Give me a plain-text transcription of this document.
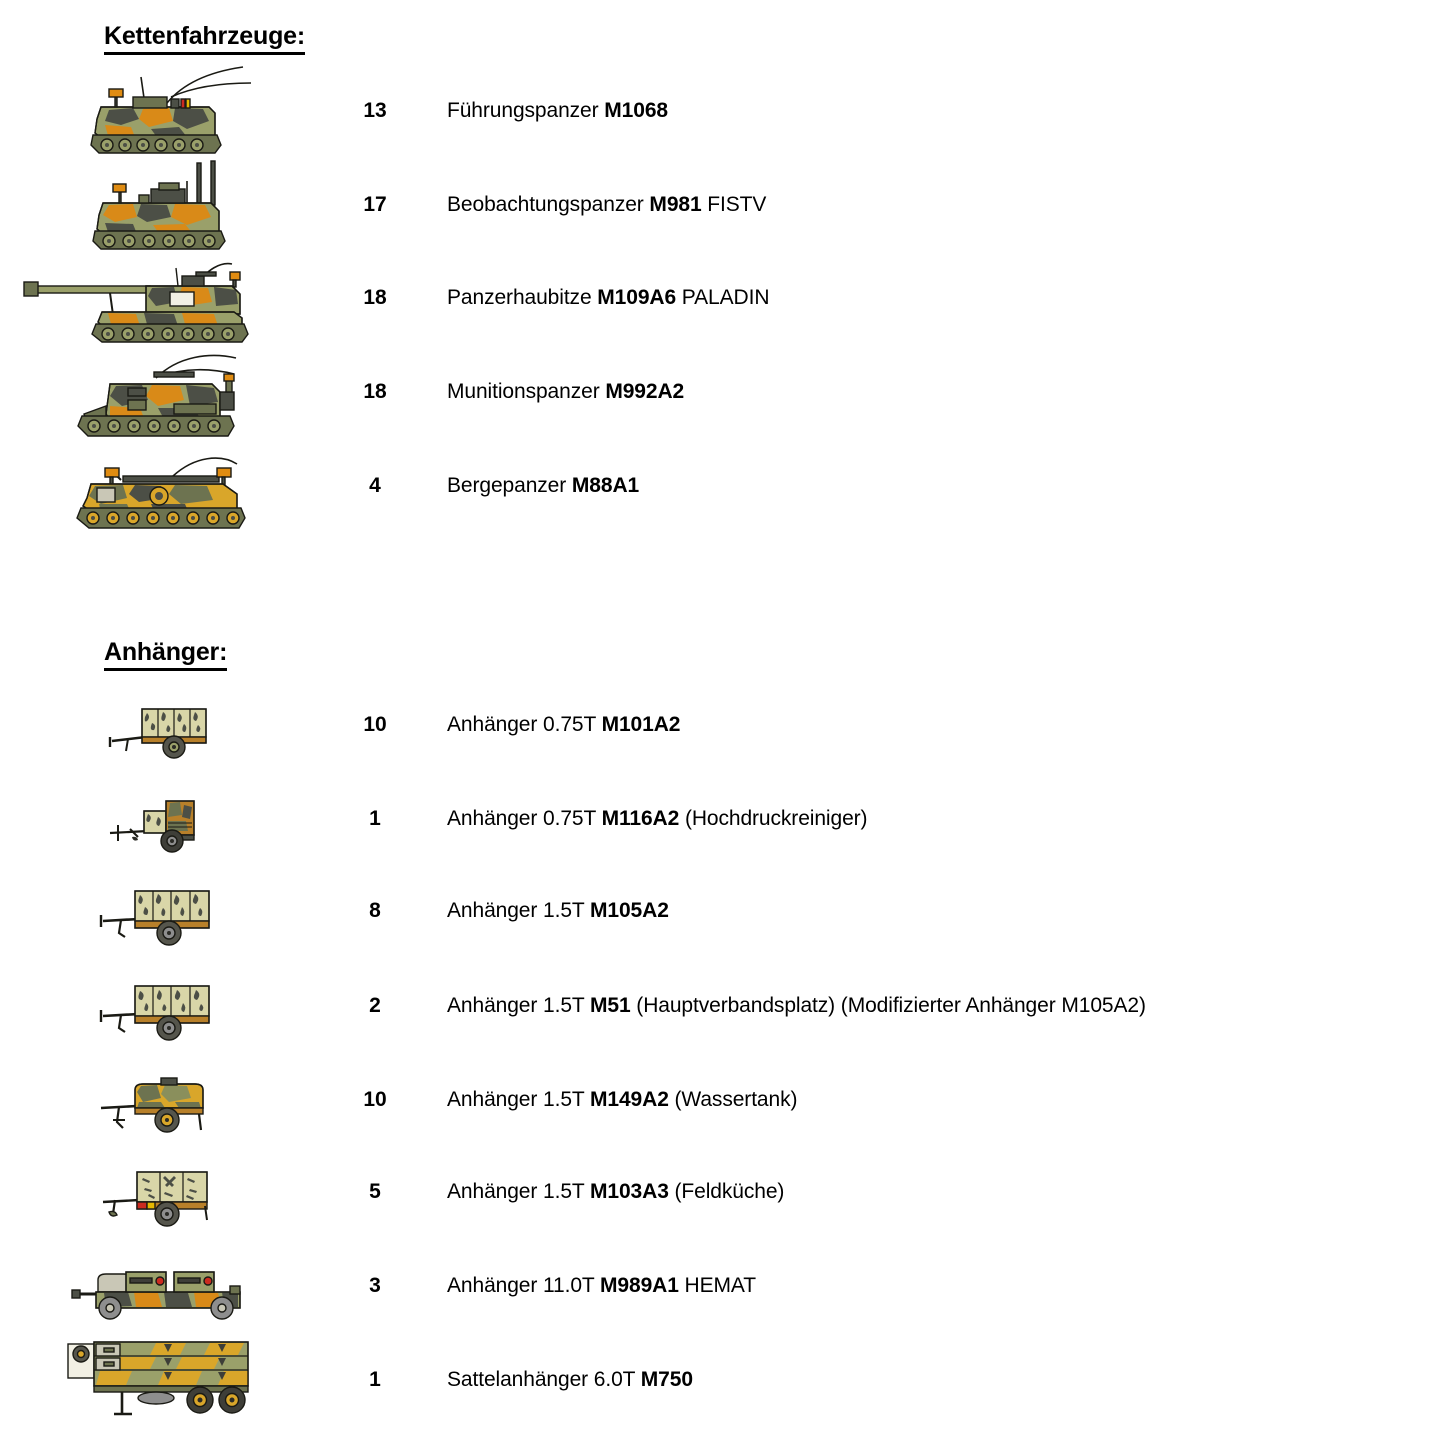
Kettenfahrzeuge:
13	Führungspanzer M1068
17	Beobachtungspanzer M981 FISTV
18	Panzerhaubitze M109A6 PALADIN
18	Munitionspanzer M992A2
4	Bergepanzer M88A1
Anhänger:
10	Anhänger 0.75T M101A2
1	Anhänger 0.75T M116A2 (Hochdruckreiniger)
8	Anhänger 1.5T M105A2
2	Anhänger 1.5T M51 (Hauptverbandsplatz) (Modifizierter Anhänger M105A2)
10	Anhänger 1.5T M149A2 (Wassertank)
5	Anhänger 1.5T M103A3 (Feldküche)
3	Anhänger 11.0T M989A1 HEMAT
1	Sattelanhänger 6.0T M750
